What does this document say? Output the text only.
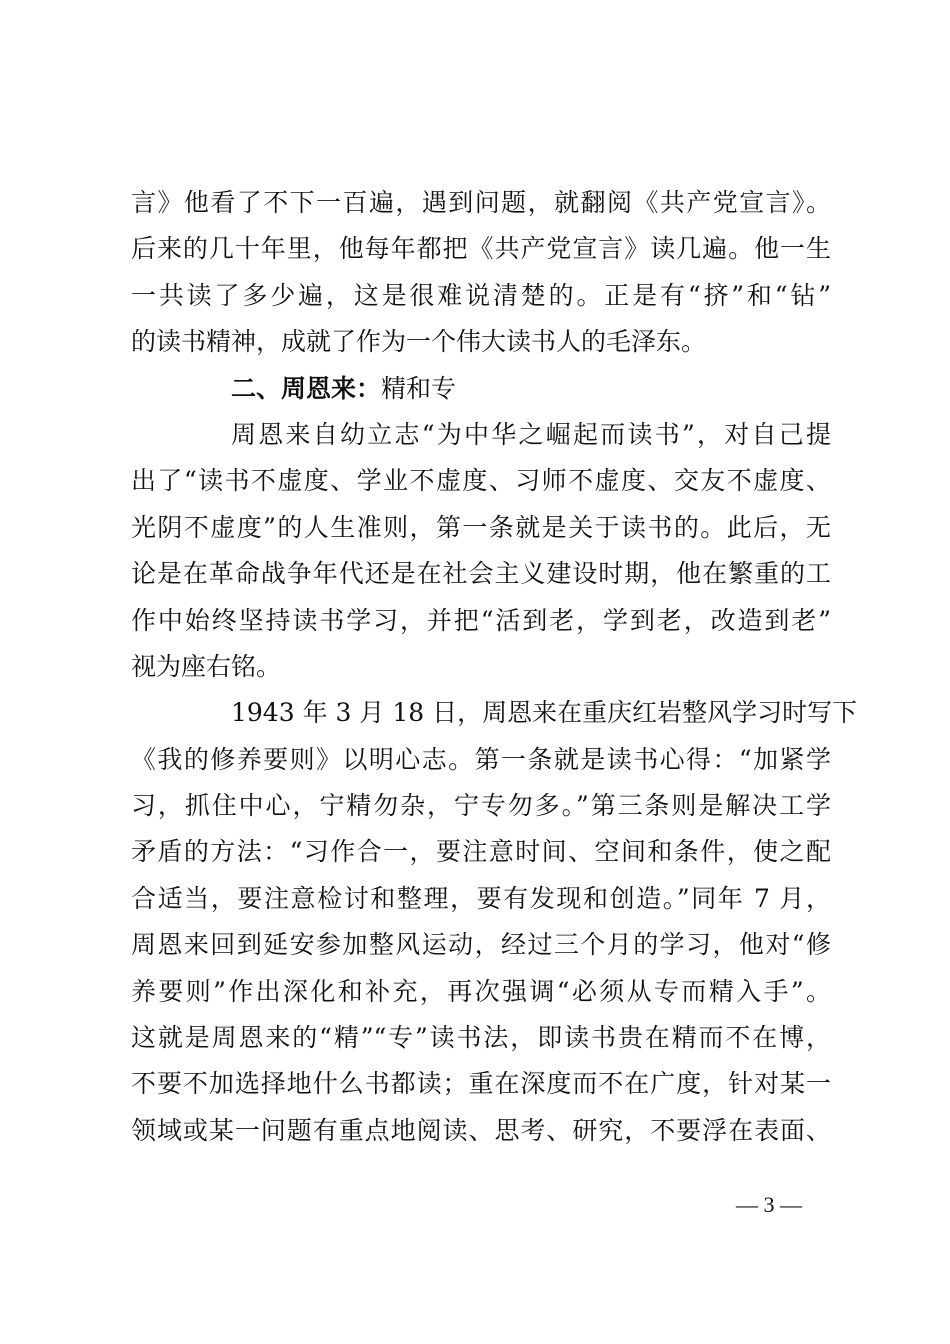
言》他看了不下一百遍，遇到问题，就翻阅《共产党宣言》。
后来的几十年里，他每年都把《共产党宣言》读几遍。他一生
一共读了多少遍，这是很难说清楚的。正是有“挤”和“钻”
的读书精神，成就了作为一个伟大读书人的毛泽东。

二、周恩来：精和专

周恩来自幼立志“为中华之崛起而读书”，对自己提
出了“读书不虚度、学业不虚度、习师不虚度、交友不虚度、
光阴不虚度”的人生准则，第一条就是关于读书的。此后，无
论是在革命战争年代还是在社会主义建设时期，他在繁重的工
作中始终坚持读书学习，并把“活到老，学到老，改造到老”
视为座右铭。

1943 年 3 月 18 日，周恩来在重庆红岩整风学习时写下
《我的修养要则》以明心志。第一条就是读书心得：“加紧学
习，抓住中心，宁精勿杂，宁专勿多。”第三条则是解决工学
矛盾的方法：“习作合一，要注意时间、空间和条件，使之配
合适当，要注意检讨和整理，要有发现和创造。”同年 7 月，
周恩来回到延安参加整风运动，经过三个月的学习，他对“修
养要则”作出深化和补充，再次强调“必须从专而精入手”。
这就是周恩来的“精”“专”读书法，即读书贵在精而不在博，
不要不加选择地什么书都读；重在深度而不在广度，针对某一
领域或某一问题有重点地阅读、思考、研究，不要浮在表面、

— 3 —
